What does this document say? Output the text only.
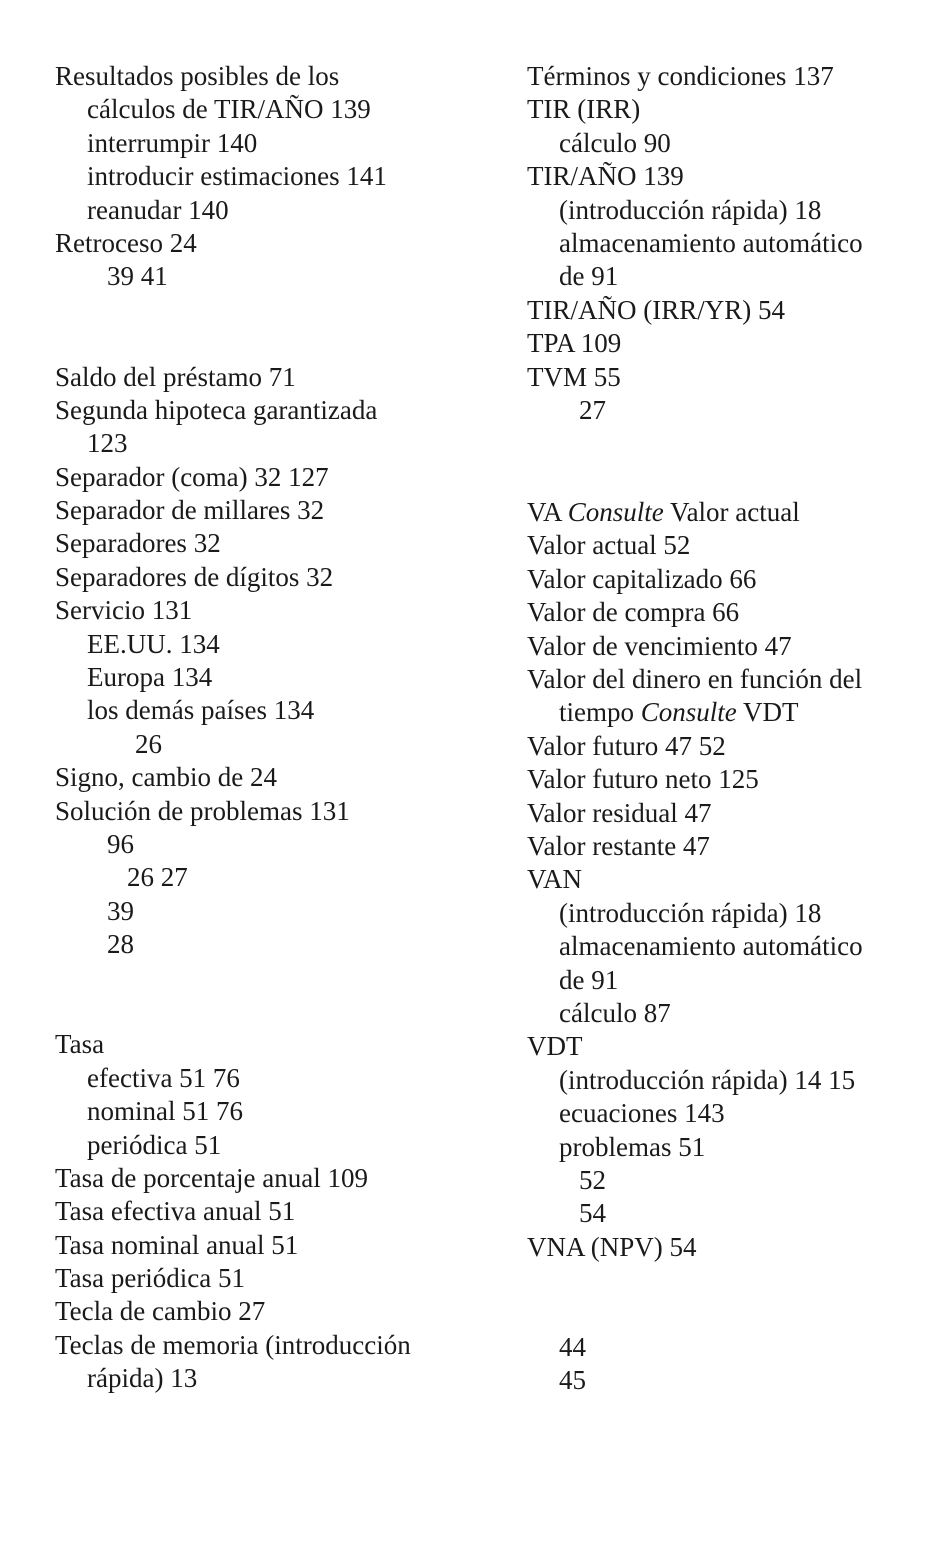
Resultados posibles de los
cálculos de TIR/AÑO 139
interrumpir 140
introducir estimaciones 141
reanudar 140
Retroceso 24
39 41
Saldo del préstamo 71
Segunda hipoteca garantizada
123
Separador (coma) 32 127
Separador de millares 32
Separadores 32
Separadores de dígitos 32
Servicio 131
EE.UU. 134
Europa 134
los demás países 134
26
Signo, cambio de 24
Solución de problemas 131
96
26 27
39
28
Tasa
efectiva 51 76
nominal 51 76
periódica 51
Tasa de porcentaje anual 109
Tasa efectiva anual 51
Tasa nominal anual 51
Tasa periódica 51
Tecla de cambio 27
Teclas de memoria (introducción
rápida) 13
Términos y condiciones 137
TIR (IRR)
cálculo 90
TIR/AÑO 139
(introducción rápida) 18
almacenamiento automático
de 91
TIR/AÑO (IRR/YR) 54
TPA 109
TVM 55
27
VA Consulte Valor actual
Valor actual 52
Valor capitalizado 66
Valor de compra 66
Valor de vencimiento 47
Valor del dinero en función del
tiempo Consulte VDT
Valor futuro 47 52
Valor futuro neto 125
Valor residual 47
Valor restante 47
VAN
(introducción rápida) 18
almacenamiento automático
de 91
cálculo 87
VDT
(introducción rápida) 14 15
ecuaciones 143
problemas 51
52
54
VNA (NPV) 54
44
45
